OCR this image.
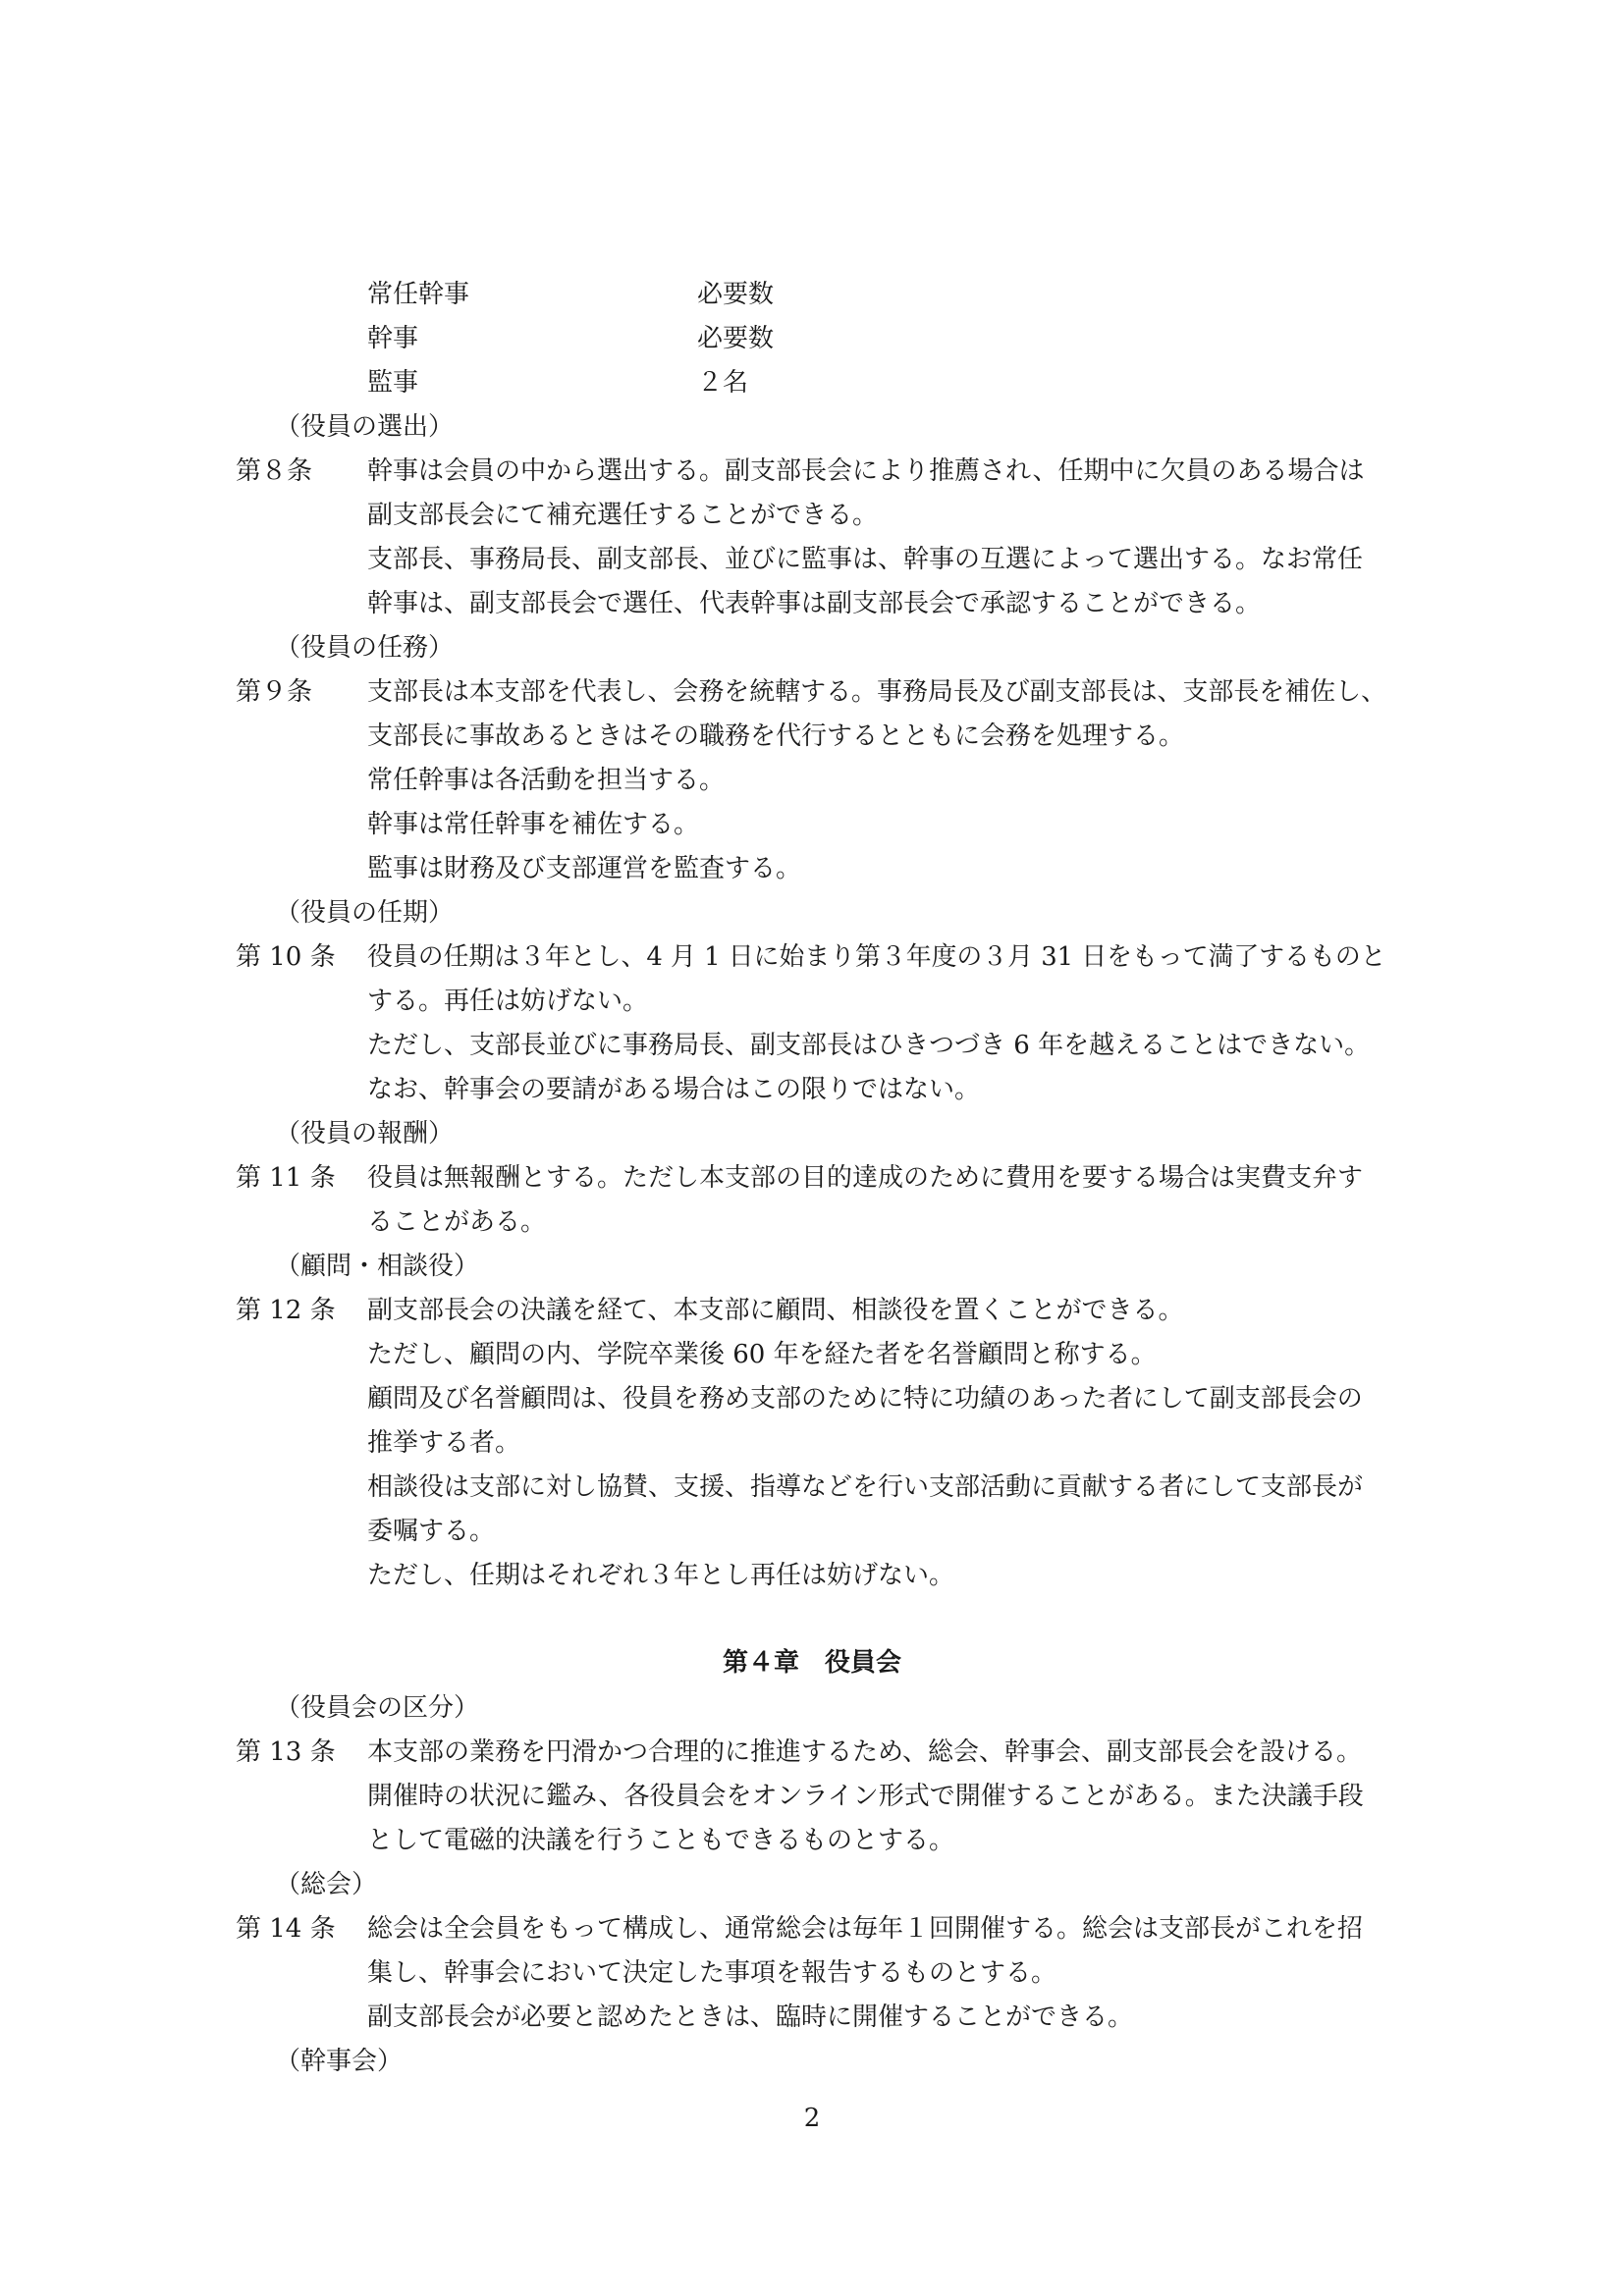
常任幹事	必要数
幹事	必要数
監事	２名
（役員の選出）
第８条 幹事は会員の中から選出する。副支部長会により推薦され、任期中に欠員のある場合は
副支部長会にて補充選任することができる。
支部長、事務局長、副支部長、並びに監事は、幹事の互選によって選出する。なお常任
幹事は、副支部長会で選任、代表幹事は副支部長会で承認することができる。
（役員の任務）
第９条 支部長は本支部を代表し、会務を統轄する。事務局長及び副支部長は、支部長を補佐し、
支部長に事故あるときはその職務を代行するとともに会務を処理する。
常任幹事は各活動を担当する。
幹事は常任幹事を補佐する。
監事は財務及び支部運営を監査する。
（役員の任期）
第 10 条 役員の任期は３年とし、4 月 1 日に始まり第３年度の３月 31 日をもって満了するものと
する。再任は妨げない。
ただし、支部長並びに事務局長、副支部長はひきつづき 6 年を越えることはできない。
なお、幹事会の要請がある場合はこの限りではない。
（役員の報酬）
第 11 条 役員は無報酬とする。ただし本支部の目的達成のために費用を要する場合は実費支弁す
ることがある。
（顧問・相談役）
第 12 条 副支部長会の決議を経て、本支部に顧問、相談役を置くことができる。
ただし、顧問の内、学院卒業後 60 年を経た者を名誉顧問と称する。
顧問及び名誉顧問は、役員を務め支部のために特に功績のあった者にして副支部長会の
推挙する者。
相談役は支部に対し協賛、支援、指導などを行い支部活動に貢献する者にして支部長が
委嘱する。
ただし、任期はそれぞれ３年とし再任は妨げない。
第４章　役員会
（役員会の区分）
第 13 条 本支部の業務を円滑かつ合理的に推進するため、総会、幹事会、副支部長会を設ける。
開催時の状況に鑑み、各役員会をオンライン形式で開催することがある。また決議手段
として電磁的決議を行うこともできるものとする。
（総会）
第 14 条 総会は全会員をもって構成し、通常総会は毎年１回開催する。総会は支部長がこれを招
集し、幹事会において決定した事項を報告するものとする。
副支部長会が必要と認めたときは、臨時に開催することができる。
（幹事会）
2
